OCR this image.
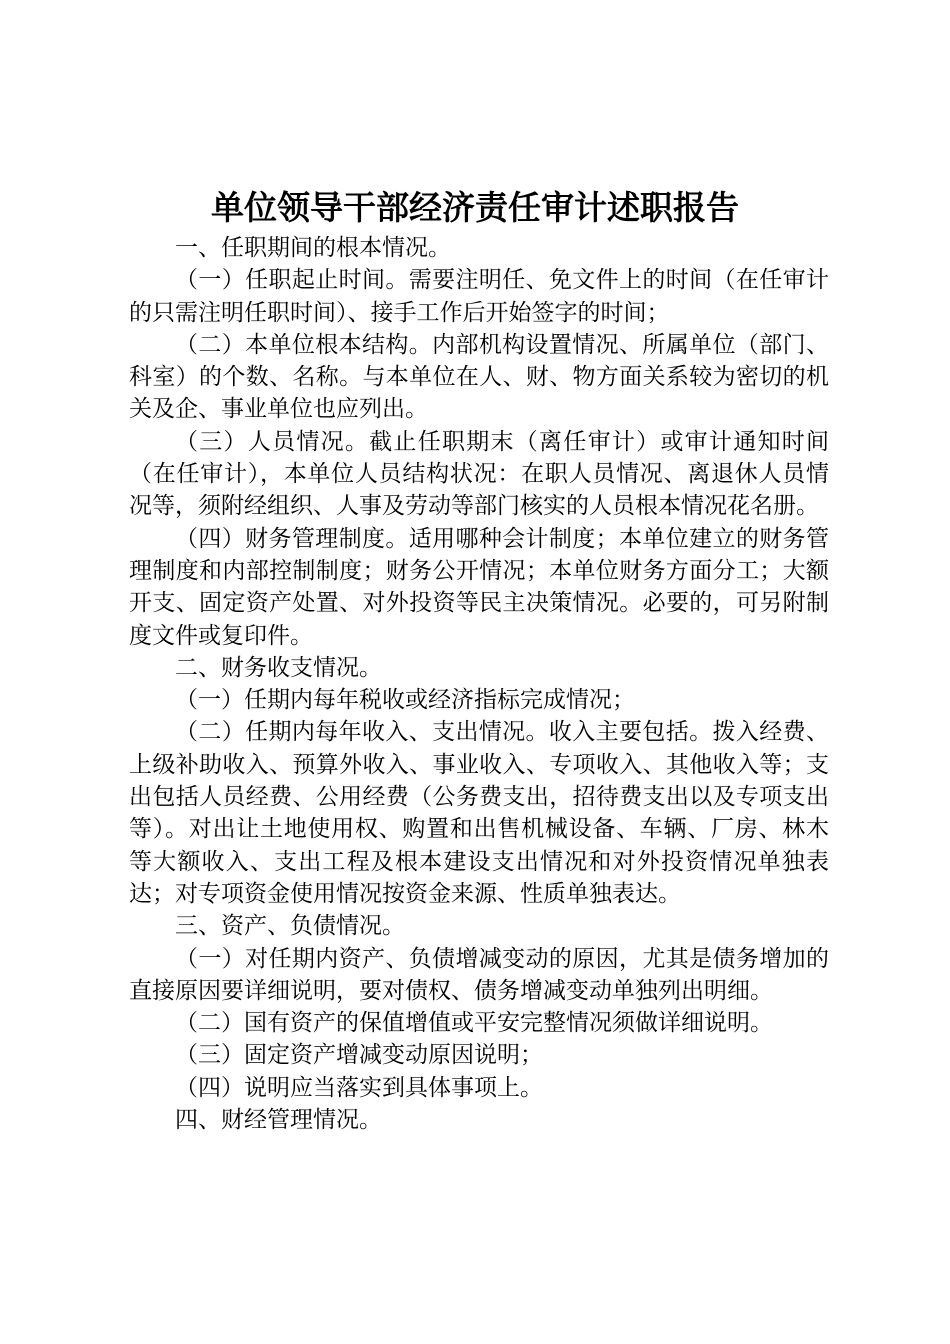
单位领导干部经济责任审计述职报告

一、任职期间的根本情况。

（一）任职起止时间。需要注明任、免文件上的时间（在任审计的只需注明任职时间）、接手工作后开始签字的时间；

（二）本单位根本结构。内部机构设置情况、所属单位（部门、科室）的个数、名称。与本单位在人、财、物方面关系较为密切的机关及企、事业单位也应列出。

（三）人员情况。截止任职期末（离任审计）或审计通知时间（在任审计），本单位人员结构状况：在职人员情况、离退休人员情况等，须附经组织、人事及劳动等部门核实的人员根本情况花名册。

（四）财务管理制度。适用哪种会计制度；本单位建立的财务管理制度和内部控制制度；财务公开情况；本单位财务方面分工；大额开支、固定资产处置、对外投资等民主决策情况。必要的，可另附制度文件或复印件。

二、财务收支情况。

（一）任期内每年税收或经济指标完成情况；

（二）任期内每年收入、支出情况。收入主要包括。拨入经费、上级补助收入、预算外收入、事业收入、专项收入、其他收入等；支出包括人员经费、公用经费（公务费支出，招待费支出以及专项支出等）。对出让土地使用权、购置和出售机械设备、车辆、厂房、林木等大额收入、支出工程及根本建设支出情况和对外投资情况单独表达；对专项资金使用情况按资金来源、性质单独表达。

三、资产、负债情况。

（一）对任期内资产、负债增减变动的原因，尤其是债务增加的直接原因要详细说明，要对债权、债务增减变动单独列出明细。

（二）国有资产的保值增值或平安完整情况须做详细说明。

（三）固定资产增减变动原因说明；

（四）说明应当落实到具体事项上。

四、财经管理情况。
